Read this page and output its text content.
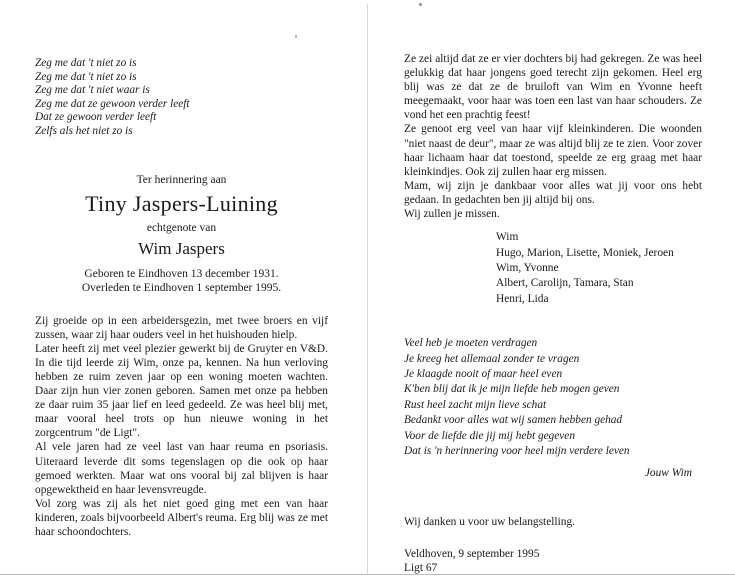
Zeg me dat 't niet zo is
Zeg me dat 't niet zo is
Zeg me dat 't niet waar is
Zeg me dat ze gewoon verder leeft
Dat ze gewoon verder leeft
Zelfs als het niet zo is
Ter herinnering aan
Tiny Jaspers-Luining
echtgenote van
Wim Jaspers
Geboren te Eindhoven 13 december 1931.
Overleden te Eindhoven 1 september 1995.

Zij groeide op in een arbeidersgezin, met twee broers en vijf zussen, waar zij haar ouders veel in het huishouden hielp.

Later heeft zij met veel plezier gewerkt bij de Gruyter en V&D. In die tijd leerde zij Wim, onze pa, kennen. Na hun verloving hebben ze ruim zeven jaar op een woning moeten wachten. Daar zijn hun vier zonen geboren. Samen met onze pa hebben ze daar ruim 35 jaar lief en leed gedeeld. Ze was heel blij met, maar vooral heel trots op hun nieuwe woning in het zorgcentrum "de Ligt".

Al vele jaren had ze veel last van haar reuma en psoriasis. Uiteraard leverde dit soms tegenslagen op die ook op haar gemoed werkten. Maar wat ons vooral bij zal blijven is haar opgewektheid en haar levensvreugde.

Vol zorg was zij als het niet goed ging met een van haar kinderen, zoals bijvoorbeeld Albert's reuma. Erg blij was ze met haar schoondochters.

Ze zei altijd dat ze er vier dochters bij had gekregen. Ze was heel gelukkig dat haar jongens goed terecht zijn gekomen. Heel erg blij was ze dat ze de bruiloft van Wim en Yvonne heeft meegemaakt, voor haar was toen een last van haar schouders. Ze vond het een prachtig feest!

Ze genoot erg veel van haar vijf kleinkinderen. Die woonden "niet naast de deur", maar ze was altijd blij ze te zien. Voor zover haar lichaam haar dat toestond, speelde ze erg graag met haar kleinkindjes. Ook zij zullen haar erg missen.

Mam, wij zijn je dankbaar voor alles wat jij voor ons hebt gedaan. In gedachten ben jij altijd bij ons.

Wij zullen je missen.

Wim
Hugo, Marion, Lisette, Moniek, Jeroen
Wim, Yvonne
Albert, Carolijn, Tamara, Stan
Henri, Lida
Veel heb je moeten verdragen
Je kreeg het allemaal zonder te vragen
Je klaagde nooit of maar heel even
K'ben blij dat ik je mijn liefde heb mogen geven
Rust heel zacht mijn lieve schat
Bedankt voor alles wat wij samen hebben gehad
Voor de liefde die jij mij hebt gegeven
Dat is 'n herinnering voor heel mijn verdere leven
Jouw Wim
Wij danken u voor uw belangstelling.
Veldhoven, 9 september 1995
Ligt 67
